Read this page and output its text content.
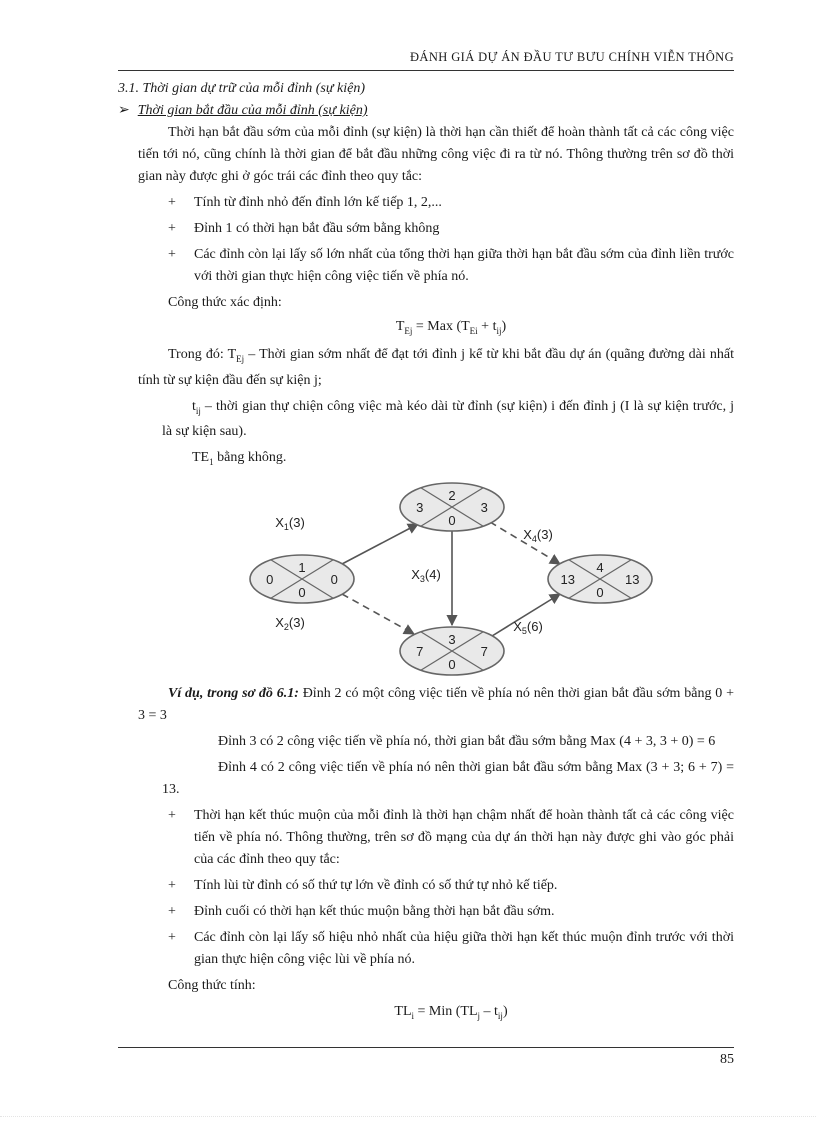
ĐÁNH GIÁ DỰ ÁN ĐẦU TƯ BƯU CHÍNH VIỄN THÔNG

3.1. Thời gian dự trữ của mỗi đỉnh (sự kiện)

➢ Thời gian bắt đầu của mỗi đỉnh (sự kiện)

Thời hạn bắt đầu sớm của mỗi đỉnh (sự kiện) là thời hạn cần thiết để hoàn thành tất cả các công việc tiến tới nó, cũng chính là thời gian để bắt đầu những công việc đi ra từ nó. Thông thường trên sơ đồ thời gian này được ghi ở góc trái các đỉnh theo quy tắc:

+ Tính từ đỉnh nhỏ đến đỉnh lớn kế tiếp 1, 2,...

+ Đỉnh 1 có thời hạn bắt đầu sớm bằng không

+ Các đỉnh còn lại lấy số lớn nhất của tổng thời hạn giữa thời hạn bắt đầu sớm của đỉnh liền trước với thời gian thực hiện công việc tiến về phía nó.

Công thức xác định:

$T_{Ej}$ = Max $(T_{Ei} + t_{ij})$

Trong đó: $T_{Ej}$ – Thời gian sớm nhất để đạt tới đỉnh j kể từ khi bắt đầu dự án (quãng đường dài nhất tính từ sự kiện đầu đến sự kiện j;

$t_{ij}$ – thời gian thự chiện công việc mà kéo dài từ đỉnh (sự kiện) i đến đỉnh j (I là sự kiện trước, j là sự kiện sau).

$TE_1$ bằng không.

1
0	0
0
2
3	3
0
3
7	7
0
4
13	13
0
$X_1(3)$
$X_2(3)$
$X_3(4)$
$X_4(3)$
$X_5(6)$

Ví dụ, trong sơ đồ 6.1: Đỉnh 2 có một công việc tiến về phía nó nên thời gian bắt đầu sớm bằng 0 + 3 = 3

Đỉnh 3 có 2 công việc tiến về phía nó, thời gian bắt đầu sớm bằng Max (4 + 3, 3 + 0) = 6

Đỉnh 4 có 2 công việc tiến về phía nó nên thời gian bắt đầu sớm bằng Max (3 + 3; 6 + 7) = 13.

+ Thời hạn kết thúc muộn của mỗi đỉnh là thời hạn chậm nhất để hoàn thành tất cả các công việc tiến về phía nó. Thông thường, trên sơ đồ mạng của dự án thời hạn này được ghi vào góc phải của các đỉnh theo quy tắc:

+ Tính lùi từ đỉnh có số thứ tự lớn về đỉnh có số thứ tự nhỏ kế tiếp.

+ Đỉnh cuối có thời hạn kết thúc muộn bằng thời hạn bắt đầu sớm.

+ Các đỉnh còn lại lấy số hiệu nhỏ nhất của hiệu giữa thời hạn kết thúc muộn đỉnh trước với thời gian thực hiện công việc lùi về phía nó.

Công thức tính:

$TL_i$ = Min $(TL_j - t_{ij})$

85
